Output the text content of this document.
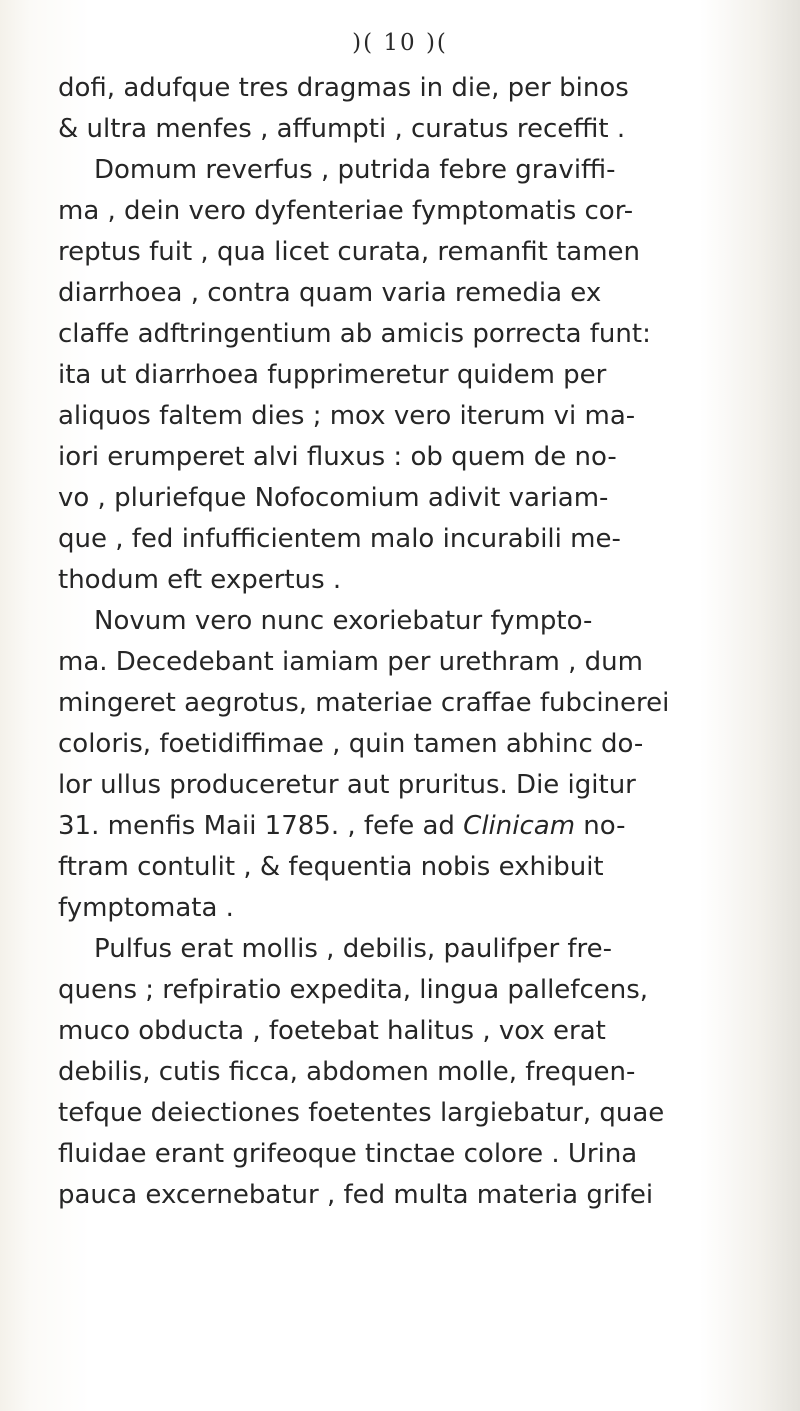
)( 10 )(
dofi, adufque tres dragmas in die, per binos
& ultra menfes , affumpti , curatus receffit .
Domum reverfus , putrida febre graviffi-
ma , dein vero dyfenteriae fymptomatis cor-
reptus fuit , qua licet curata, remanfit tamen
diarrhoea , contra quam varia remedia ex
claffe adftringentium ab amicis porrecta funt:
ita ut diarrhoea fupprimeretur quidem per
aliquos faltem dies ; mox vero iterum vi ma-
iori erumperet alvi fluxus : ob quem de no-
vo , pluriefque Nofocomium adivit variam-
que , fed infufficientem malo incurabili me-
thodum eft expertus .
Novum vero nunc exoriebatur fympto-
ma. Decedebant iamiam per urethram , dum
mingeret aegrotus, materiae craffae fubcinerei
coloris, foetidiffimae , quin tamen abhinc do-
lor ullus produceretur aut pruritus. Die igitur
31. menfis Maii 1785. , fefe ad Clinicam no-
ftram contulit , & fequentia nobis exhibuit
fymptomata .
Pulfus erat mollis , debilis, paulifper fre-
quens ; refpiratio expedita, lingua pallefcens,
muco obducta , foetebat halitus , vox erat
debilis, cutis ficca, abdomen molle, frequen-
tefque deiectiones foetentes largiebatur, quae
fluidae erant grifeoque tinctae colore . Urina
pauca excernebatur , fed multa materia grifei
